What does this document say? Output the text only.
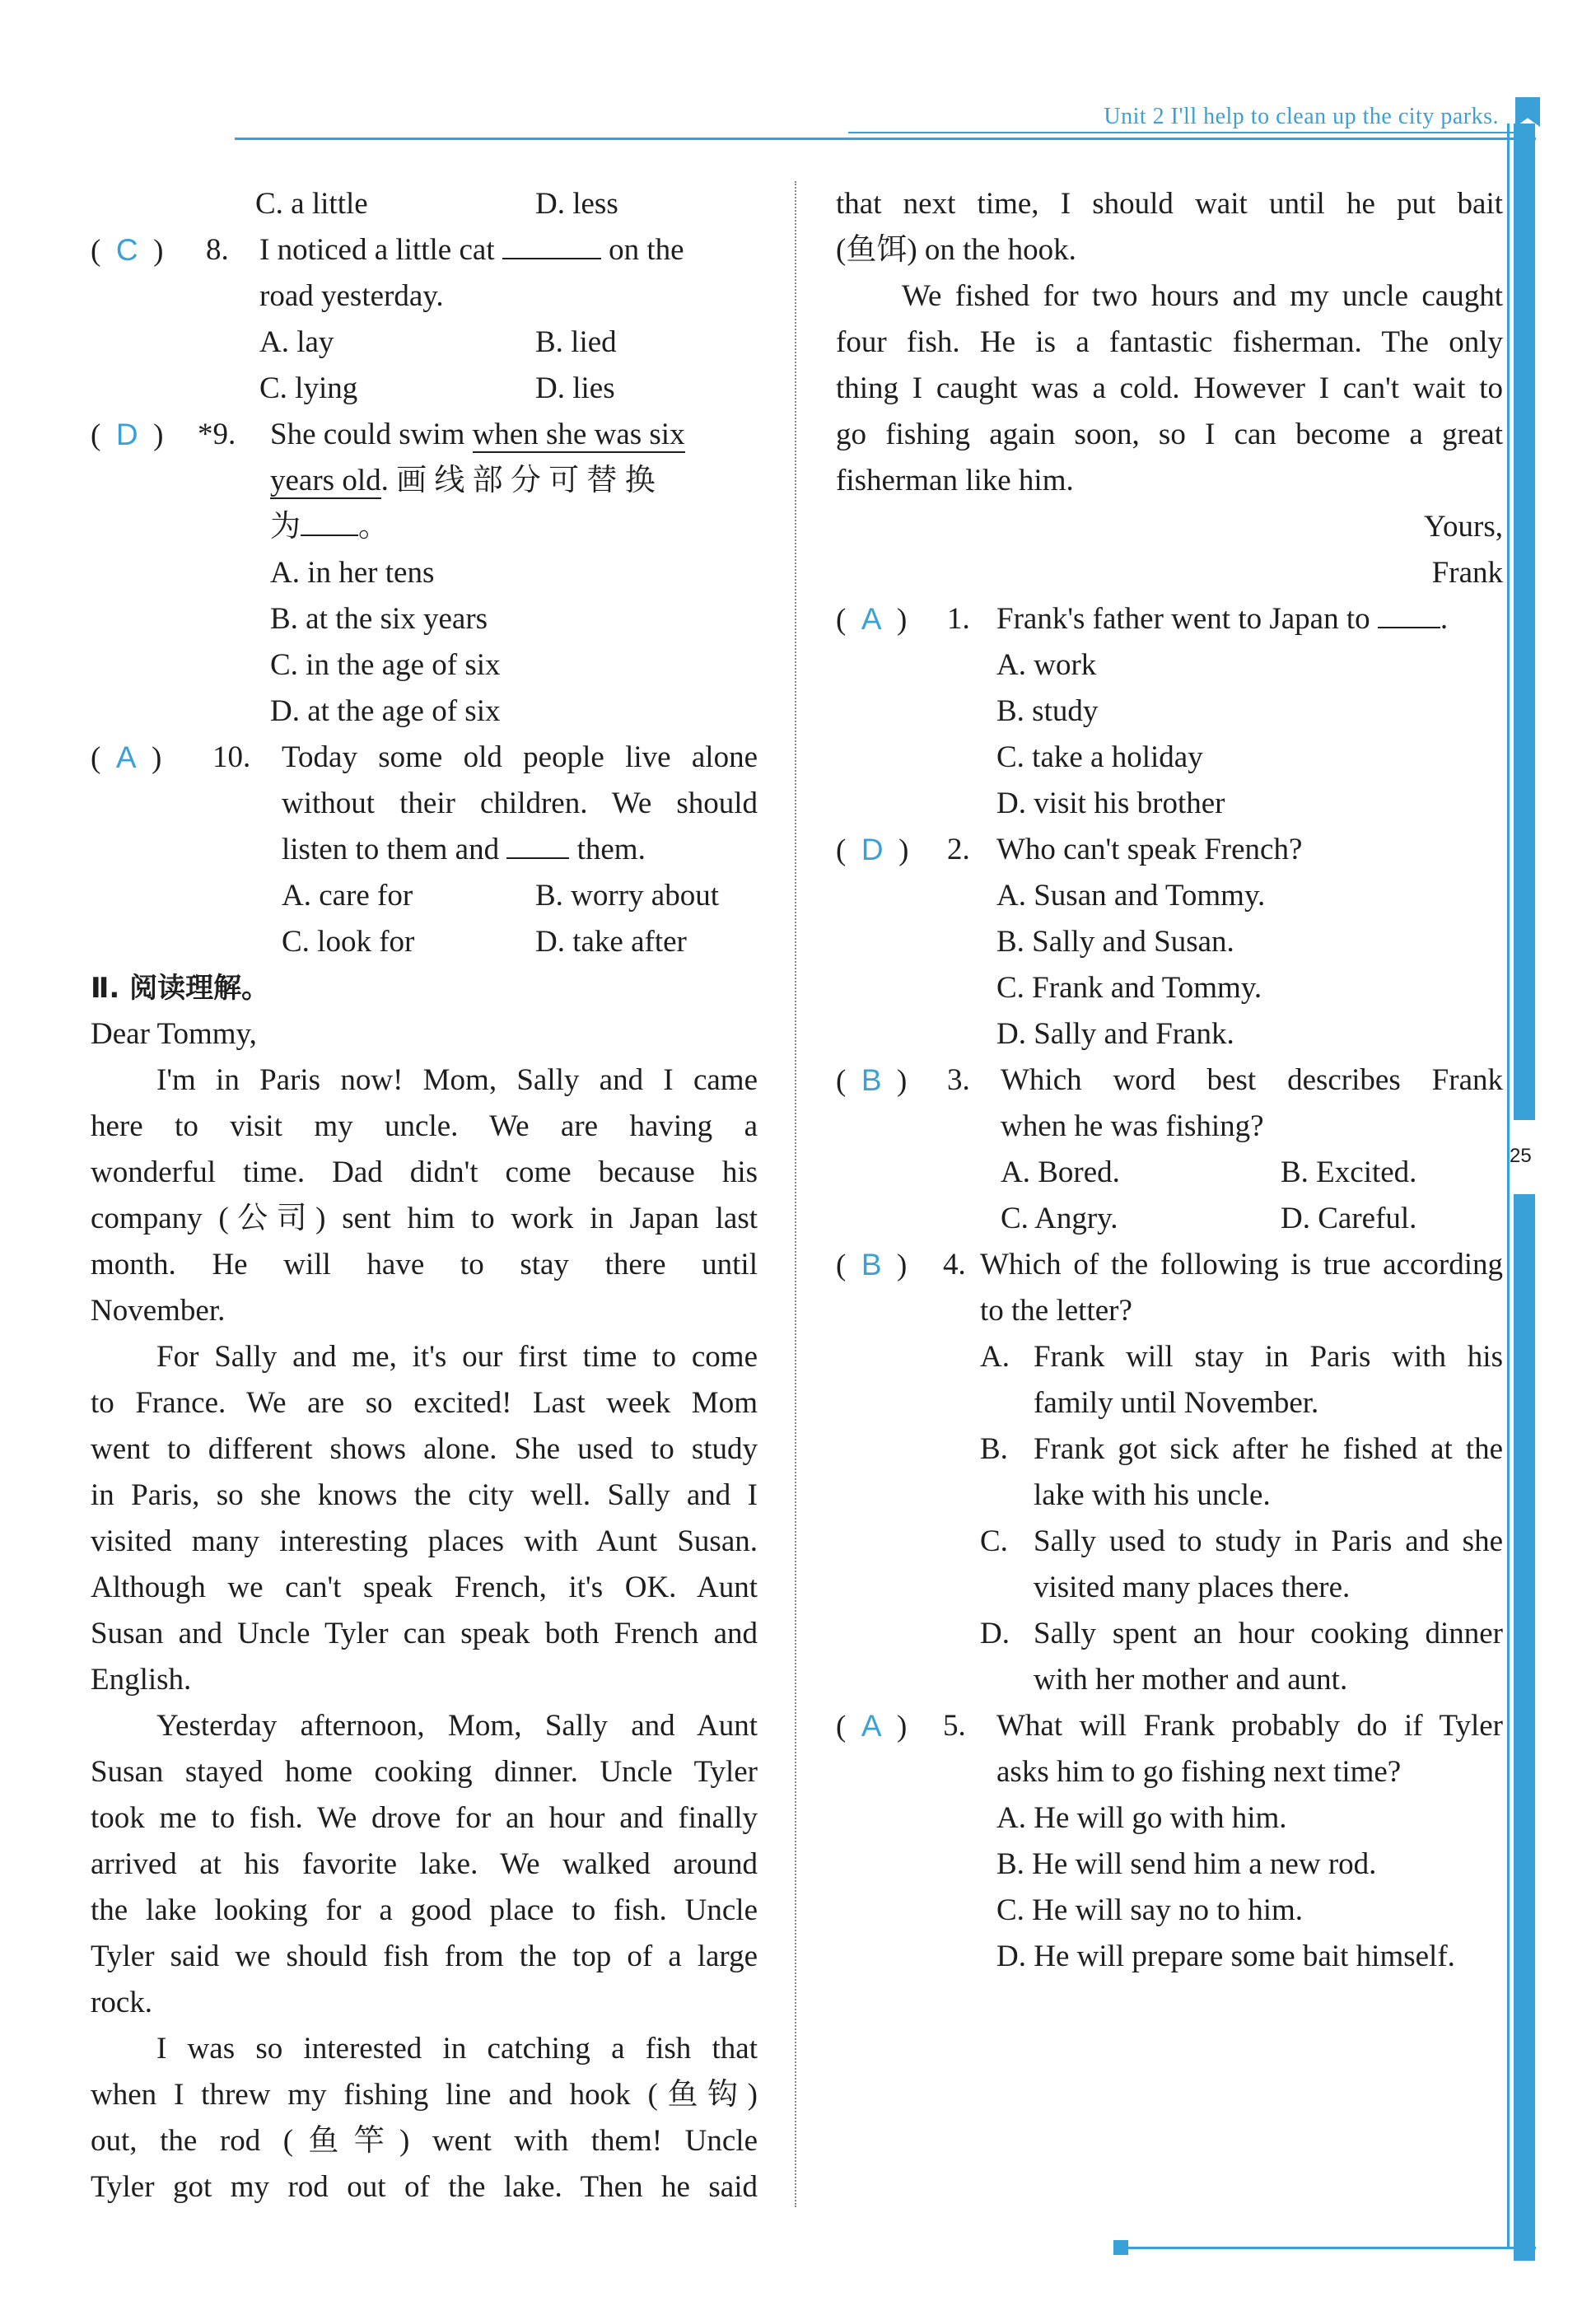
Unit 2 I'll help to clean up the city parks.
25
C. a little	D. less
( C ) 8. I noticed a little cat	on the
road yesterday.
A. lay	B. lied
C. lying	D. lies
( D ) *9. She could swim when she was six
years old. 画 线 部 分 可 替 换
为 。
A. in her tens
B. at the six years
C. in the age of six
D. at the age of six
( A ) 10. Today some old people live alone
without their children. We should
listen to them and	them.
A. care for	B. worry about
C. look for	D. take after
Ⅱ. 阅读理解。
Dear Tommy,
I'm in Paris now! Mom, Sally and I came
here to visit my uncle. We are having a
wonderful time. Dad didn't come because his
company (公司) sent him to work in Japan last
month. He will have to stay there until
November.
For Sally and me, it's our first time to come
to France. We are so excited! Last week Mom
went to different shows alone. She used to study
in Paris, so she knows the city well. Sally and I
visited many interesting places with Aunt Susan.
Although we can't speak French, it's OK. Aunt
Susan and Uncle Tyler can speak both French and
English.
Yesterday afternoon, Mom, Sally and Aunt
Susan stayed home cooking dinner. Uncle Tyler
took me to fish. We drove for an hour and finally
arrived at his favorite lake. We walked around
the lake looking for a good place to fish. Uncle
Tyler said we should fish from the top of a large
rock.
I was so interested in catching a fish that
when I threw my fishing line and hook (鱼钩)
out, the rod (鱼竿) went with them! Uncle
Tyler got my rod out of the lake. Then he said
that next time, I should wait until he put bait
(鱼饵) on the hook.
We fished for two hours and my uncle caught
four fish. He is a fantastic fisherman. The only
thing I caught was a cold. However I can't wait to
go fishing again soon, so I can become a great
fisherman like him.
Yours,
Frank
( A ) 1. Frank's father went to Japan to .
A. work
B. study
C. take a holiday
D. visit his brother
( D ) 2. Who can't speak French?
A. Susan and Tommy.
B. Sally and Susan.
C. Frank and Tommy.
D. Sally and Frank.
( B ) 3. Which word best describes Frank
when he was fishing?
A. Bored.	B. Excited.
C. Angry.	D. Careful.
( B ) 4. Which of the following is true according
to the letter?
A. Frank will stay in Paris with his
family until November.
B. Frank got sick after he fished at the
lake with his uncle.
C. Sally used to study in Paris and she
visited many places there.
D. Sally spent an hour cooking dinner
with her mother and aunt.
( A ) 5. What will Frank probably do if Tyler
asks him to go fishing next time?
A. He will go with him.
B. He will send him a new rod.
C. He will say no to him.
D. He will prepare some bait himself.
